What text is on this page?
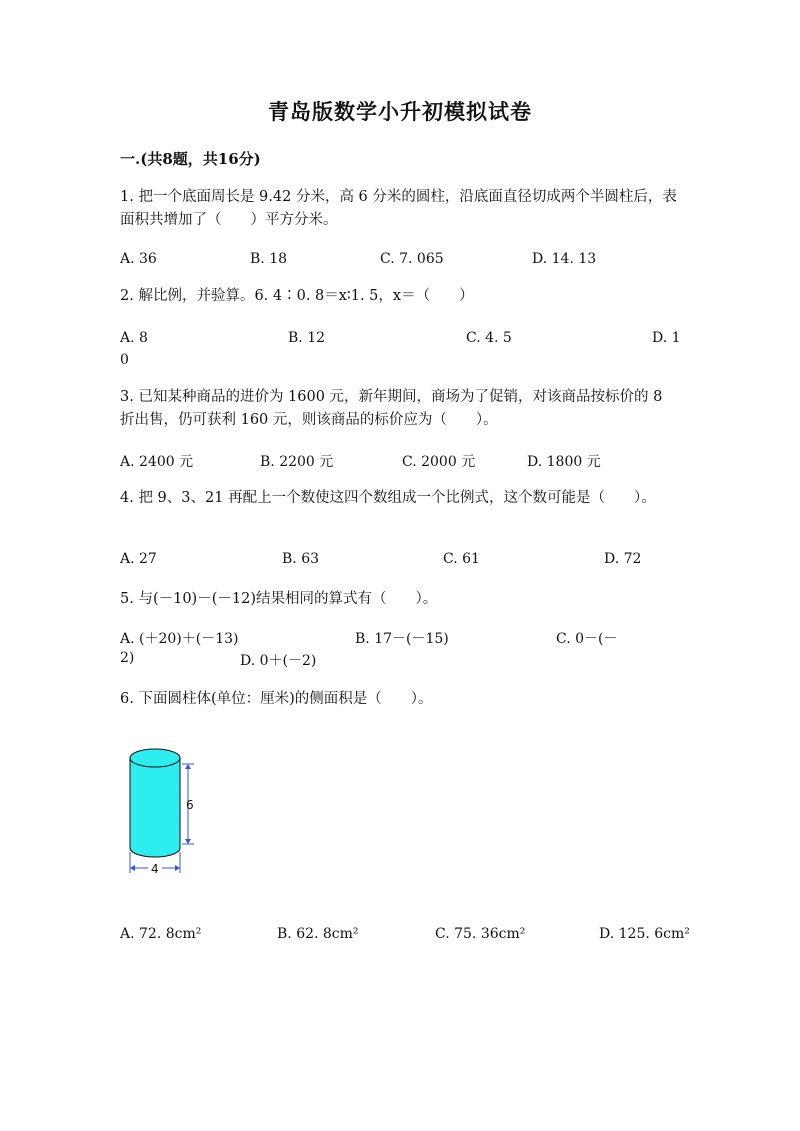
青岛版数学小升初模拟试卷
一.(共8题，共16分)
1. 把一个底面周长是 9.42 分米，高 6 分米的圆柱，沿底面直径切成两个半圆柱后，表面积共增加了（　　）平方分米。
A. 36	B. 18	C. 7. 065	D. 14. 13
2. 解比例，并验算。6. 4∶0. 8＝x∶1. 5，x＝（　　）
A. 8	B. 12	C. 4. 5	D. 1
0
3. 已知某种商品的进价为 1600 元，新年期间，商场为了促销，对该商品按标价的 8 折出售，仍可获利 160 元，则该商品的标价应为（　　）。
A. 2400 元	B. 2200 元	C. 2000 元	D. 1800 元
4. 把 9、3、21 再配上一个数使这四个数组成一个比例式，这个数可能是（　　）。
A. 27	B. 63	C. 61	D. 72
5. 与(－10)－(－12)结果相同的算式有（　　）。
A. (＋20)＋(－13)	B. 17－(－15)	C. 0－(－
2)	D. 0＋(－2)
6. 下面圆柱体(单位：厘米)的侧面积是（　　）。
6
4
A. 72. 8cm²	B. 62. 8cm²	C. 75. 36cm²	D. 125. 6cm²
